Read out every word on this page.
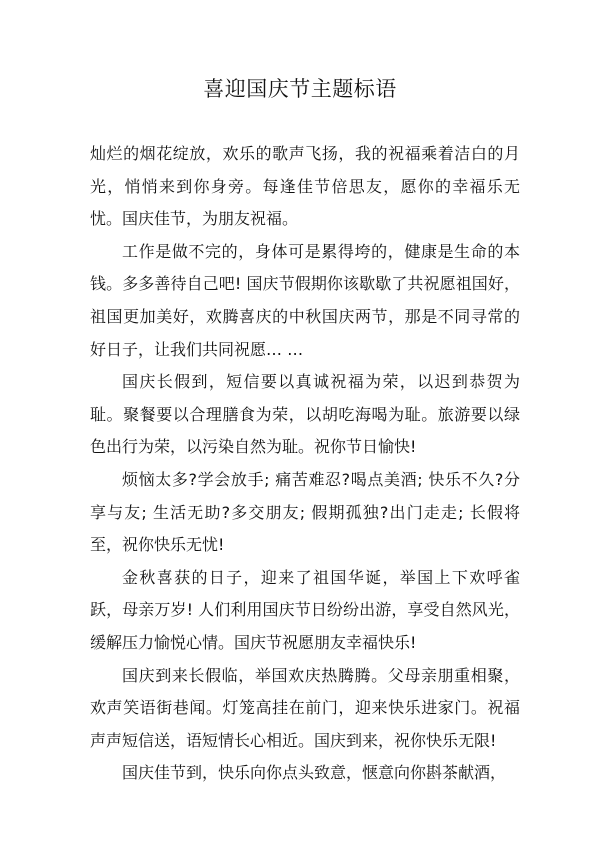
喜迎国庆节主题标语

灿烂的烟花绽放，欢乐的歌声飞扬，我的祝福乘着洁白的月光，悄悄来到你身旁。每逢佳节倍思友，愿你的幸福乐无忧。国庆佳节，为朋友祝福。

工作是做不完的，身体可是累得垮的，健康是生命的本钱。多多善待自己吧! 国庆节假期你该歇歇了共祝愿祖国好，祖国更加美好，欢腾喜庆的中秋国庆两节，那是不同寻常的好日子，让我们共同祝愿… …

国庆长假到，短信要以真诚祝福为荣，以迟到恭贺为耻。聚餐要以合理膳食为荣，以胡吃海喝为耻。旅游要以绿色出行为荣，以污染自然为耻。祝你节日愉快!

烦恼太多?学会放手; 痛苦难忍?喝点美酒; 快乐不久?分享与友; 生活无助?多交朋友; 假期孤独?出门走走; 长假将至，祝你快乐无忧!

金秋喜获的日子，迎来了祖国华诞，举国上下欢呼雀跃，母亲万岁! 人们利用国庆节日纷纷出游，享受自然风光，缓解压力愉悦心情。国庆节祝愿朋友幸福快乐!

国庆到来长假临，举国欢庆热腾腾。父母亲朋重相聚，欢声笑语街巷闻。灯笼高挂在前门，迎来快乐进家门。祝福声声短信送，语短情长心相近。国庆到来，祝你快乐无限!

国庆佳节到，快乐向你点头致意，惬意向你斟茶献酒，
